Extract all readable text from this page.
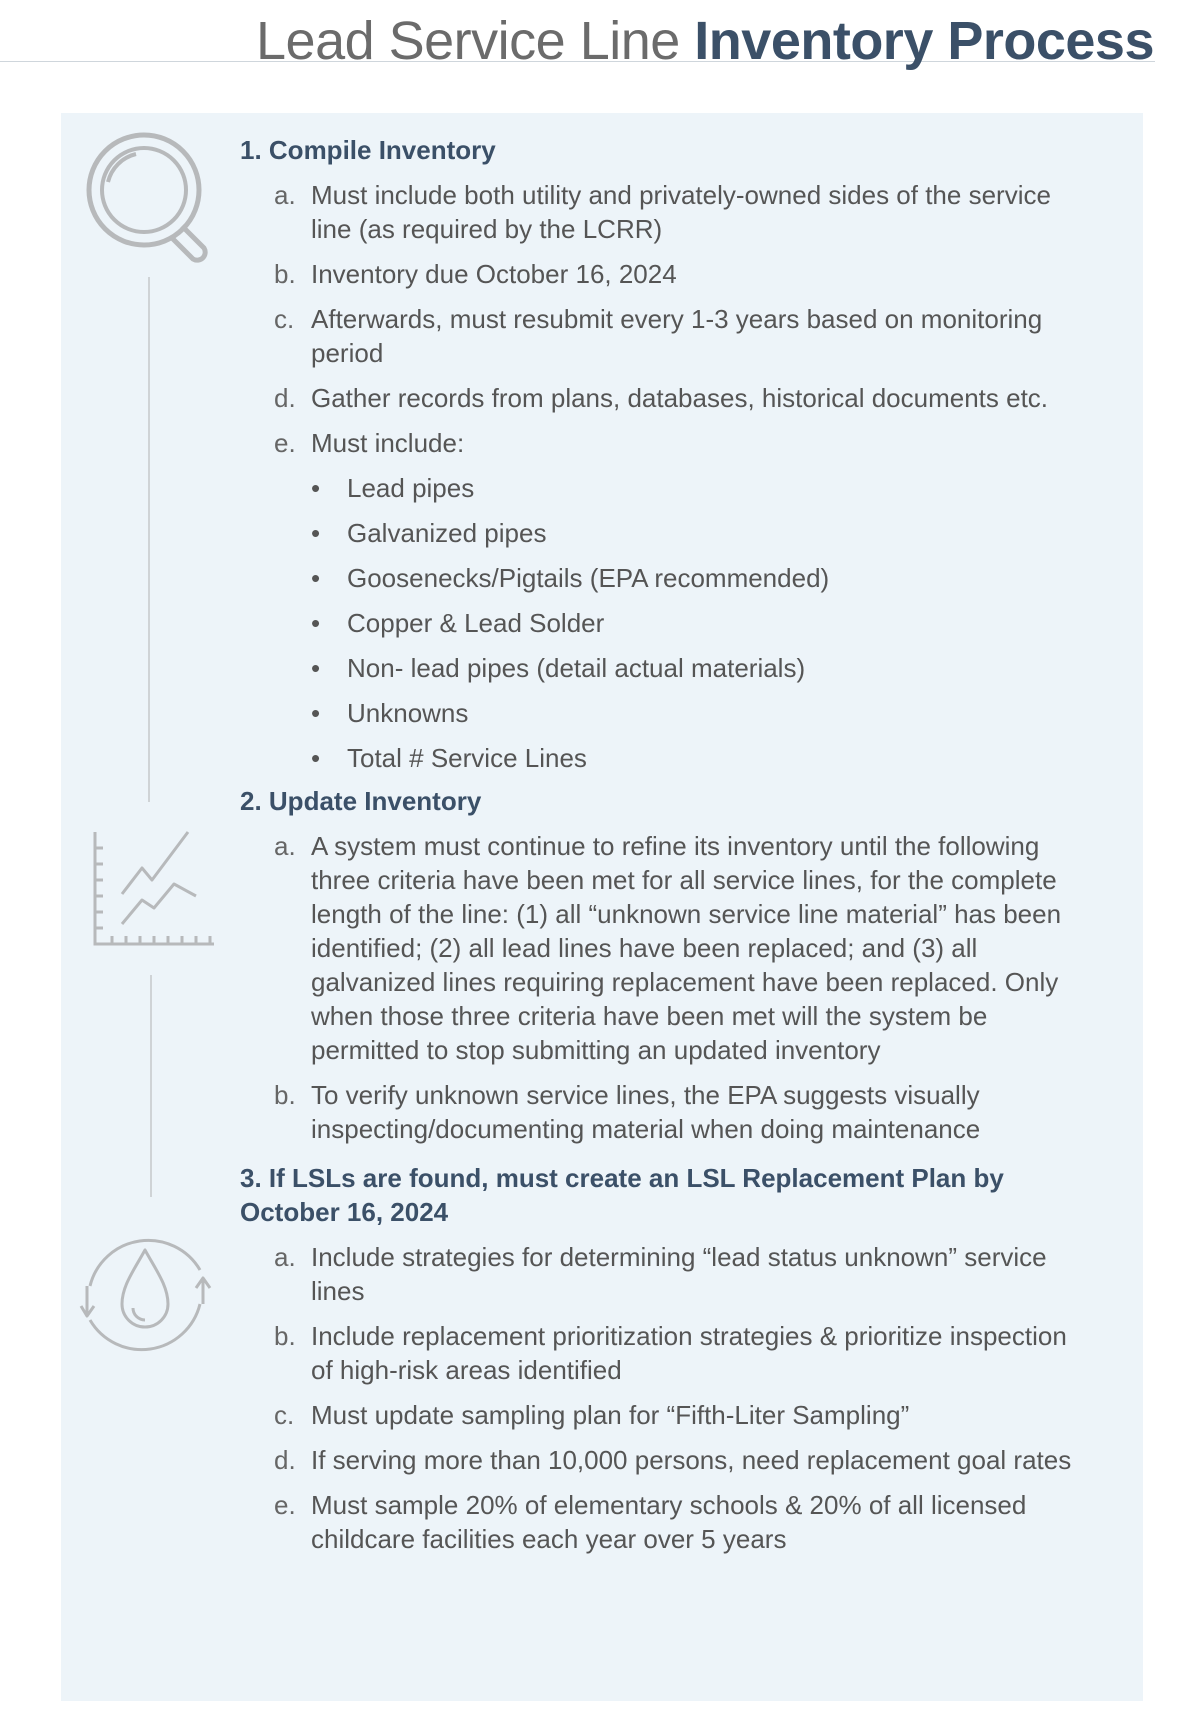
Lead Service Line Inventory Process
1. Compile Inventory
a. Must include both utility and privately-owned sides of the service line (as required by the LCRR)
b. Inventory due October 16, 2024
c. Afterwards, must resubmit every 1-3 years based on monitoring period
d. Gather records from plans, databases, historical documents etc.
e. Must include:
• Lead pipes
• Galvanized pipes
• Goosenecks/Pigtails (EPA recommended)
• Copper & Lead Solder
• Non- lead pipes (detail actual materials)
• Unknowns
• Total # Service Lines
2. Update Inventory
a. A system must continue to refine its inventory until the following three criteria have been met for all service lines, for the complete length of the line: (1) all “unknown service line material” has been identified; (2) all lead lines have been replaced; and (3) all galvanized lines requiring replacement have been replaced. Only when those three criteria have been met will the system be permitted to stop submitting an updated inventory
b. To verify unknown service lines, the EPA suggests visually inspecting/documenting material when doing maintenance
3. If LSLs are found, must create an LSL Replacement Plan by October 16, 2024
a. Include strategies for determining “lead status unknown” service lines
b. Include replacement prioritization strategies & prioritize inspection of high-risk areas identified
c. Must update sampling plan for “Fifth-Liter Sampling”
d. If serving more than 10,000 persons, need replacement goal rates
e. Must sample 20% of elementary schools & 20% of all licensed childcare facilities each year over 5 years
